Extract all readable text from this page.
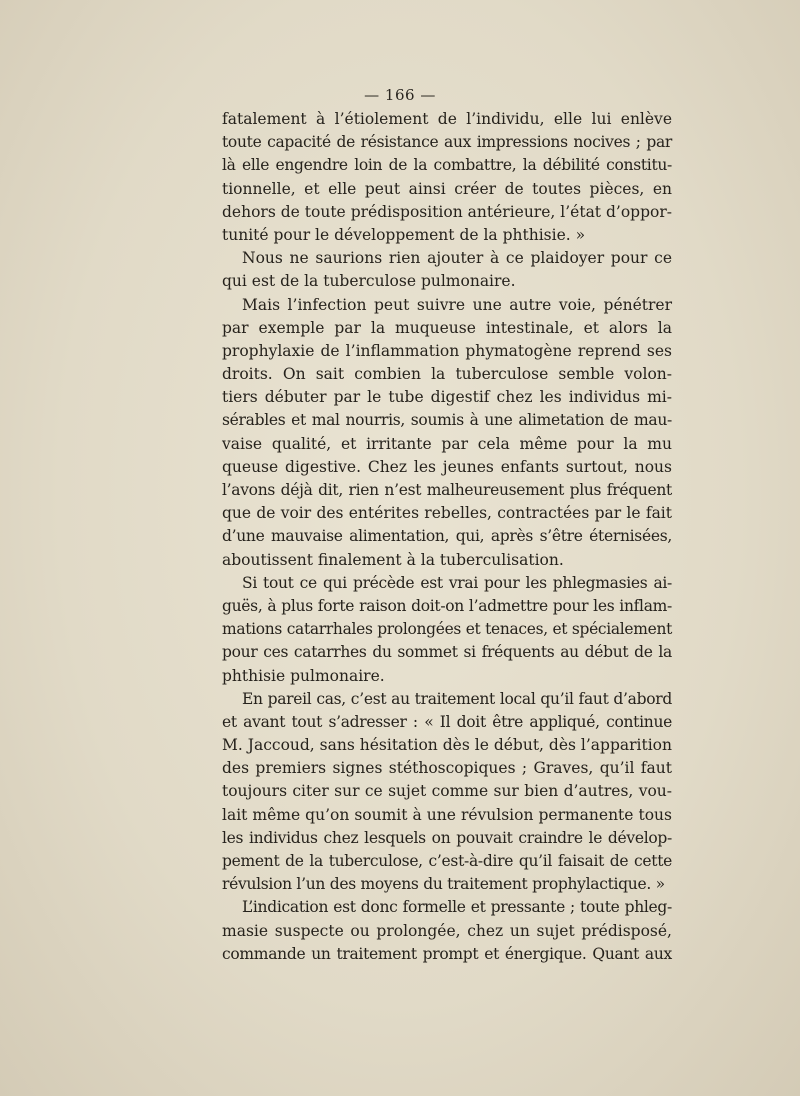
— 166 —
fatalement à l’étiolement de l’individu, elle lui enlève
toute capacité de résistance aux impressions nocives ; par
là elle engendre loin de la combattre, la débilité constitu-
tionnelle, et elle peut ainsi créer de toutes pièces, en
dehors de toute prédisposition antérieure, l’état d’oppor-
tunité pour le développement de la phthisie. »
Nous ne saurions rien ajouter à ce plaidoyer pour ce
qui est de la tuberculose pulmonaire.
Mais l’infection peut suivre une autre voie, pénétrer
par exemple par la muqueuse intestinale, et alors la
prophylaxie de l’inflammation phymatogène reprend ses
droits. On sait combien la tuberculose semble volon-
tiers débuter par le tube digestif chez les individus mi-
sérables et mal nourris, soumis à une alimetation de mau-
vaise qualité, et irritante par cela même pour la mu
queuse digestive. Chez les jeunes enfants surtout, nous
l’avons déjà dit, rien n’est malheureusement plus fréquent
que de voir des entérites rebelles, contractées par le fait
d’une mauvaise alimentation, qui, après s’être éternisées,
aboutissent finalement à la tuberculisation.
Si tout ce qui précède est vrai pour les phlegmasies ai-
guës, à plus forte raison doit-on l’admettre pour les inflam-
mations catarrhales prolongées et tenaces, et spécialement
pour ces catarrhes du sommet si fréquents au début de la
phthisie pulmonaire.
En pareil cas, c’est au traitement local qu’il faut d’abord
et avant tout s’adresser : « Il doit être appliqué, continue
M. Jaccoud, sans hésitation dès le début, dès l’apparition
des premiers signes stéthoscopiques ; Graves, qu’il faut
toujours citer sur ce sujet comme sur bien d’autres, vou-
lait même qu’on soumit à une révulsion permanente tous
les individus chez lesquels on pouvait craindre le dévelop-
pement de la tuberculose, c’est-à-dire qu’il faisait de cette
révulsion l’un des moyens du traitement prophylactique. »
L’indication est donc formelle et pressante ; toute phleg-
masie suspecte ou prolongée, chez un sujet prédisposé,
commande un traitement prompt et énergique. Quant aux
